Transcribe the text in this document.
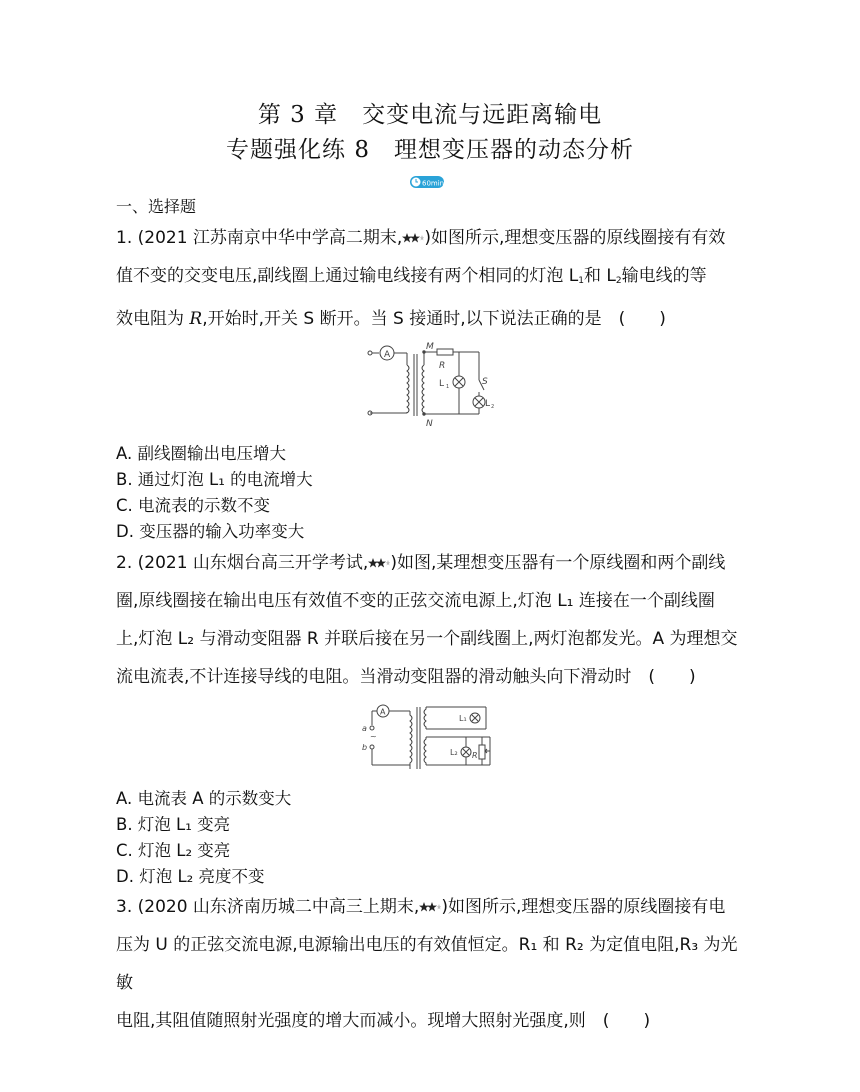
第 3 章　交变电流与远距离输电
专题强化练 8　理想变压器的动态分析
60min
一、选择题
1. (2021 江苏南京中华中学高二期末, )如图所示,理想变压器的原线圈接有有效
值不变的交变电压,副线圈上通过输电线接有两个相同的灯泡 $L_1$和 $L_2$输电线的等
效电阻为 R,开始时,开关 S 断开。当 S 接通时,以下说法正确的是　(　　)
A
M
N
R
L 1	S
L 2
A. 副线圈输出电压增大
B. 通过灯泡 L₁ 的电流增大
C. 电流表的示数不变
D. 变压器的输入功率变大
2. (2021 山东烟台高三开学考试, )如图,某理想变压器有一个原线圈和两个副线
圈,原线圈接在输出电压有效值不变的正弦交流电源上,灯泡 L₁ 连接在一个副线圈
上,灯泡 L₂ 与滑动变阻器 R 并联后接在另一个副线圈上,两灯泡都发光。A 为理想交
流电流表,不计连接导线的电阻。当滑动变阻器的滑动触头向下滑动时　(　　)
A
a
b
~
L₁
L₂ R
A. 电流表 A 的示数变大
B. 灯泡 L₁ 变亮
C. 灯泡 L₂ 变亮
D. 灯泡 L₂ 亮度不变
3. (2020 山东济南历城二中高三上期末, )如图所示,理想变压器的原线圈接有电
压为 U 的正弦交流电源,电源输出电压的有效值恒定。R₁ 和 R₂ 为定值电阻,R₃ 为光敏
电阻,其阻值随照射光强度的增大而减小。现增大照射光强度,则　(　　)
